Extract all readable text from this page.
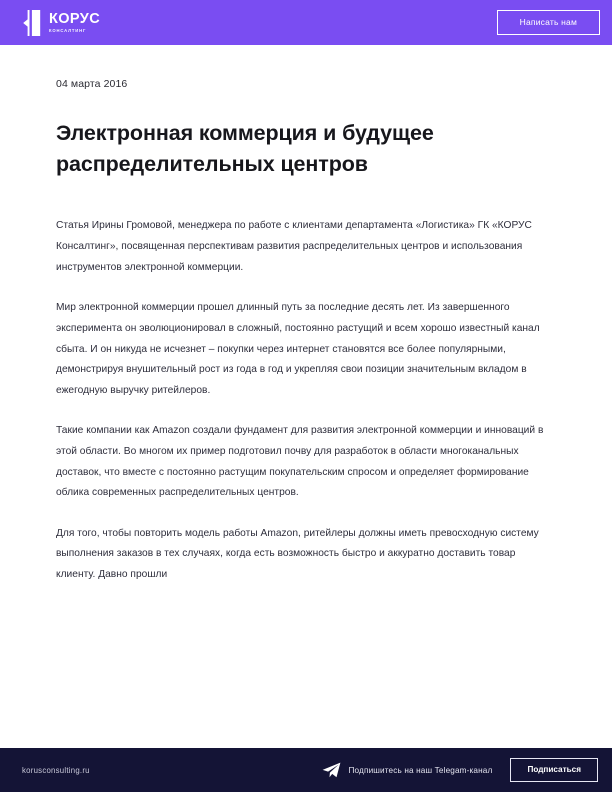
КОРУС
КОНСАЛТИНГ
Написать нам
04 марта 2016
Электронная коммерция и будущее распределительных центров

Статья Ирины Громовой, менеджера по работе с клиентами департамента «Логистика» ГК «КОРУС Консалтинг», посвященная перспективам развития распределительных центров и использования инструментов электронной коммерции.

Мир электронной коммерции прошел длинный путь за последние десять лет. Из завершенного эксперимента он эволюционировал в сложный, постоянно растущий и всем хорошо известный канал сбыта. И он никуда не исчезнет – покупки через интернет становятся все более популярными, демонстрируя внушительный рост из года в год и укрепляя свои позиции значительным вкладом в ежегодную выручку ритейлеров.

Такие компании как Amazon создали фундамент для развития электронной коммерции и инноваций в этой области. Во многом их пример подготовил почву для разработок в области многоканальных доставок, что вместе с постоянно растущим покупательским спросом и определяет формирование облика современных распределительных центров.

Для того, чтобы повторить модель работы Amazon, ритейлеры должны иметь превосходную систему выполнения заказов в тех случаях, когда есть возможность быстро и аккуратно доставить товар клиенту. Давно прошли

korusconsulting.ru	Подпишитесь на наш Telegam-канал	Подписаться
